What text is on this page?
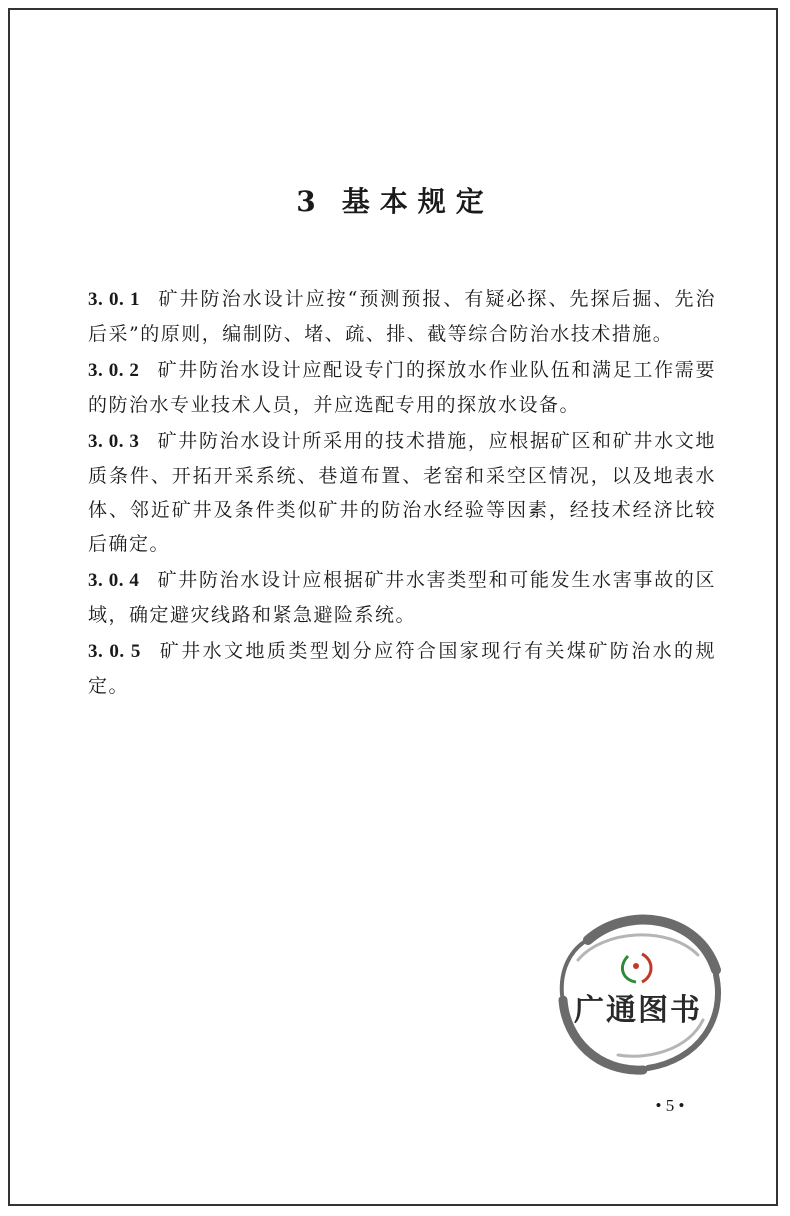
3 基本规定

3. 0. 1 矿井防治水设计应按“预测预报、有疑必探、先探后掘、先治后采”的原则，编制防、堵、疏、排、截等综合防治水技术措施。

3. 0. 2 矿井防治水设计应配设专门的探放水作业队伍和满足工作需要的防治水专业技术人员，并应选配专用的探放水设备。

3. 0. 3 矿井防治水设计所采用的技术措施，应根据矿区和矿井水文地质条件、开拓开采系统、巷道布置、老窑和采空区情况，以及地表水体、邻近矿井及条件类似矿井的防治水经验等因素，经技术经济比较后确定。

3. 0. 4 矿井防治水设计应根据矿井水害类型和可能发生水害事故的区域，确定避灾线路和紧急避险系统。

3. 0. 5 矿井水文地质类型划分应符合国家现行有关煤矿防治水的规定。

广通图书
• 5 •
